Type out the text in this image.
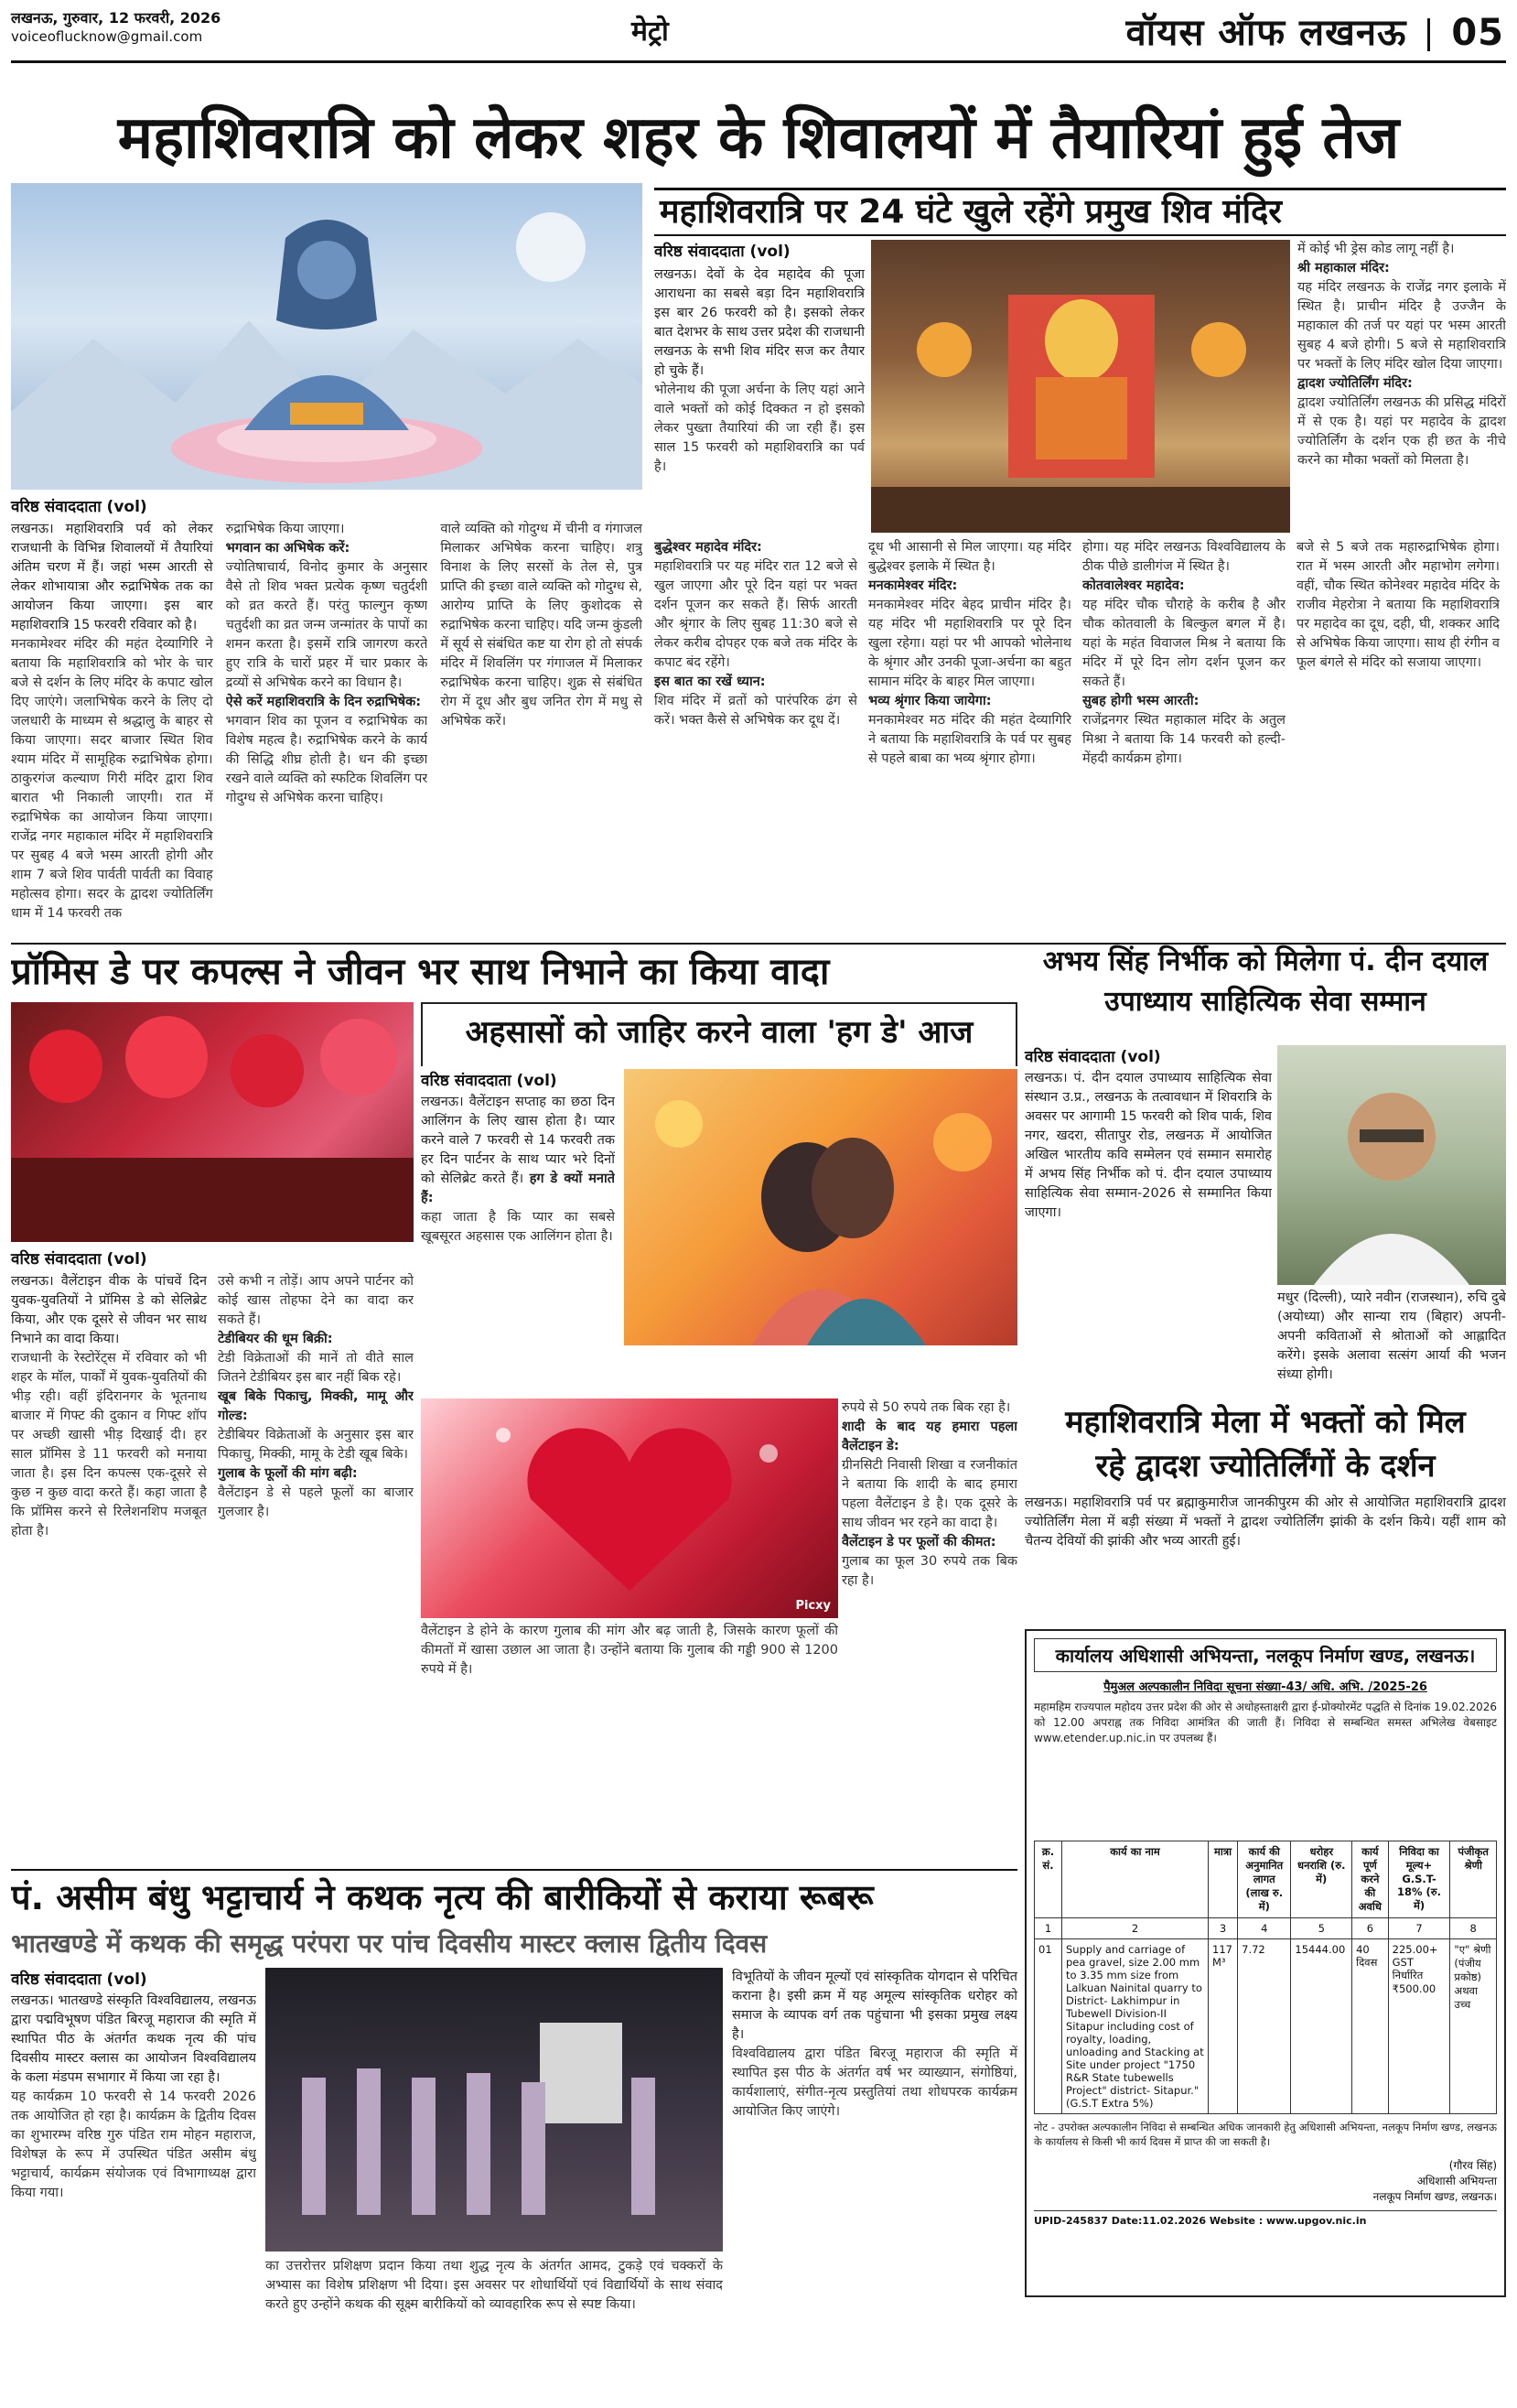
लखनऊ, गुरुवार, 12 फरवरी, 2026
voiceoflucknow@gmail.com	मेट्रो	वॉयस ऑफ लखनऊ 05
महाशिवरात्रि को लेकर शहर के शिवालयों में तैयारियां हुई तेज
वरिष्ठ संवाददाता (vol)
लखनऊ। महाशिवरात्रि पर्व को लेकर राजधानी के विभिन्न शिवालयों में तैयारियां अंतिम चरण में हैं। जहां भस्म आरती से लेकर शोभायात्रा और रुद्राभिषेक तक का आयोजन किया जाएगा। इस बार महाशिवरात्रि 15 फरवरी रविवार को है।
मनकामेश्वर मंदिर की महंत देव्यागिरि ने बताया कि महाशिवरात्रि को भोर के चार बजे से दर्शन के लिए मंदिर के कपाट खोल दिए जाएंगे। जलाभिषेक करने के लिए दो जलधारी के माध्यम से श्रद्धालु के बाहर से किया जाएगा। सदर बाजार स्थित शिव श्याम मंदिर में सामूहिक रुद्राभिषेक होगा। ठाकुरगंज कल्याण गिरी मंदिर द्वारा शिव बारात भी निकाली जाएगी। रात में रुद्राभिषेक का आयोजन किया जाएगा। राजेंद्र नगर महाकाल मंदिर में महाशिवरात्रि पर सुबह 4 बजे भस्म आरती होगी और शाम 7 बजे शिव पार्वती पार्वती का विवाह महोत्सव होगा। सदर के द्वादश ज्योतिर्लिंग धाम में 14 फरवरी तक
रुद्राभिषेक किया जाएगा।
भगवान का अभिषेक करें:
ज्योतिषाचार्य, विनोद कुमार के अनुसार वैसे तो शिव भक्त प्रत्येक कृष्ण चतुर्दशी को व्रत करते हैं। परंतु फाल्गुन कृष्ण चतुर्दशी का व्रत जन्म जन्मांतर के पापों का शमन करता है। इसमें रात्रि जागरण करते हुए रात्रि के चारों प्रहर में चार प्रकार के द्रव्यों से अभिषेक करने का विधान है।
ऐसे करें महाशिवरात्रि के दिन रुद्राभिषेक:
भगवान शिव का पूजन व रुद्राभिषेक का विशेष महत्व है। रुद्राभिषेक करने के कार्य की सिद्धि शीघ्र होती है। धन की इच्छा रखने वाले व्यक्ति को स्फटिक शिवलिंग पर गोदुग्ध से अभिषेक करना चाहिए।
वाले व्यक्ति को गोदुग्ध में चीनी व गंगाजल मिलाकर अभिषेक करना चाहिए। शत्रु विनाश के लिए सरसों के तेल से, पुत्र प्राप्ति की इच्छा वाले व्यक्ति को गोदुग्ध से, आरोग्य प्राप्ति के लिए कुशोदक से रुद्राभिषेक करना चाहिए। यदि जन्म कुंडली में सूर्य से संबंधित कष्ट या रोग हो तो संपर्क मंदिर में शिवलिंग पर गंगाजल में मिलाकर रुद्राभिषेक करना चाहिए। शुक्र से संबंधित रोग में दूध और बुध जनित रोग में मधु से अभिषेक करें।
महाशिवरात्रि पर 24 घंटे खुले रहेंगे प्रमुख शिव मंदिर
वरिष्ठ संवाददाता (vol)
लखनऊ। देवों के देव महादेव की पूजा आराधना का सबसे बड़ा दिन महाशिवरात्रि इस बार 26 फरवरी को है। इसको लेकर बात देशभर के साथ उत्तर प्रदेश की राजधानी लखनऊ के सभी शिव मंदिर सज कर तैयार हो चुके हैं।
भोलेनाथ की पूजा अर्चना के लिए यहां आने वाले भक्तों को कोई दिक्कत न हो इसको लेकर पुख्ता तैयारियां की जा रही हैं। इस साल 15 फरवरी को महाशिवरात्रि का पर्व है।
में कोई भी ड्रेस कोड लागू नहीं है।
श्री महाकाल मंदिर:
यह मंदिर लखनऊ के राजेंद्र नगर इलाके में स्थित है। प्राचीन मंदिर है उज्जैन के महाकाल की तर्ज पर यहां पर भस्म आरती सुबह 4 बजे होगी। 5 बजे से महाशिवरात्रि पर भक्तों के लिए मंदिर खोल दिया जाएगा।
द्वादश ज्योतिर्लिंग मंदिर:
द्वादश ज्योतिर्लिंग लखनऊ की प्रसिद्ध मंदिरों में से एक है। यहां पर महादेव के द्वादश ज्योतिर्लिंग के दर्शन एक ही छत के नीचे करने का मौका भक्तों को मिलता है।
बुद्धेश्वर महादेव मंदिर:
महाशिवरात्रि पर यह मंदिर रात 12 बजे से खुल जाएगा और पूरे दिन यहां पर भक्त दर्शन पूजन कर सकते हैं। सिर्फ आरती और श्रृंगार के लिए सुबह 11:30 बजे से लेकर करीब दोपहर एक बजे तक मंदिर के कपाट बंद रहेंगे।
इस बात का रखें ध्यान:
शिव मंदिर में व्रतों को पारंपरिक ढंग से करें। भक्त कैसे से अभिषेक कर दूध दें।
दूध भी आसानी से मिल जाएगा। यह मंदिर बुद्धेश्वर इलाके में स्थित है।
मनकामेश्वर मंदिर:
मनकामेश्वर मंदिर बेहद प्राचीन मंदिर है। यह मंदिर भी महाशिवरात्रि पर पूरे दिन खुला रहेगा। यहां पर भी आपको भोलेनाथ के श्रृंगार और उनकी पूजा-अर्चना का बहुत सामान मंदिर के बाहर मिल जाएगा।
भव्य श्रृंगार किया जायेगा:
मनकामेश्वर मठ मंदिर की महंत देव्यागिरि ने बताया कि महाशिवरात्रि के पर्व पर सुबह से पहले बाबा का भव्य श्रृंगार होगा।
होगा। यह मंदिर लखनऊ विश्वविद्यालय के ठीक पीछे डालीगंज में स्थित है।
कोतवालेश्वर महादेव:
यह मंदिर चौक चौराहे के करीब है और चौक कोतवाली के बिल्कुल बगल में है। यहां के महंत विवाजल मिश्र ने बताया कि मंदिर में पूरे दिन लोग दर्शन पूजन कर सकते हैं।
सुबह होगी भस्म आरती:
राजेंद्रनगर स्थित महाकाल मंदिर के अतुल मिश्रा ने बताया कि 14 फरवरी को हल्दी-मेंहदी कार्यक्रम होगा।
बजे से 5 बजे तक महारुद्राभिषेक होगा। रात में भस्म आरती और महाभोग लगेगा। वहीं, चौक स्थित कोनेश्वर महादेव मंदिर के राजीव मेहरोत्रा ने बताया कि महाशिवरात्रि पर महादेव का दूध, दही, घी, शक्कर आदि से अभिषेक किया जाएगा। साथ ही रंगीन व फूल बंगले से मंदिर को सजाया जाएगा।
प्रॉमिस डे पर कपल्स ने जीवन भर साथ निभाने का किया वादा
वरिष्ठ संवाददाता (vol)
लखनऊ। वैलेंटाइन वीक के पांचवें दिन युवक-युवतियों ने प्रॉमिस डे को सेलिब्रेट किया, और एक दूसरे से जीवन भर साथ निभाने का वादा किया।
राजधानी के रेस्टोरेंट्स में रविवार को भी शहर के मॉल, पार्कों में युवक-युवतियों की भीड़ रही। वहीं इंदिरानगर के भूतनाथ बाजार में गिफ्ट की दुकान व गिफ्ट शॉप पर अच्छी खासी भीड़ दिखाई दी। हर साल प्रॉमिस डे 11 फरवरी को मनाया जाता है। इस दिन कपल्स एक-दूसरे से कुछ न कुछ वादा करते हैं। कहा जाता है कि प्रॉमिस करने से रिलेशनशिप मजबूत होता है।
उसे कभी न तोड़ें। आप अपने पार्टनर को कोई खास तोहफा देने का वादा कर सकते हैं।
टेडीबियर की धूम बिक्री:
टेडी विक्रेताओं की मानें तो वीते साल जितने टेडीबियर इस बार नहीं बिक रहे।
खूब बिके पिकाचु, मिक्की, मामू और गोल्ड:
टेडीबियर विक्रेताओं के अनुसार इस बार पिकाचु, मिक्की, मामू के टेडी खूब बिके।
गुलाब के फूलों की मांग बढ़ी:
वैलेंटाइन डे से पहले फूलों का बाजार गुलजार है।
अहसासों को जाहिर करने वाला 'हग डे' आज
वरिष्ठ संवाददाता (vol)
लखनऊ। वैलेंटाइन सप्ताह का छठा दिन आलिंगन के लिए खास होता है। प्यार करने वाले 7 फरवरी से 14 फरवरी तक हर दिन पार्टनर के साथ प्यार भरे दिनों को सेलिब्रेट करते हैं। हग डे क्यों मनाते हैं:
कहा जाता है कि प्यार का सबसे खूबसूरत अहसास एक आलिंगन होता है।
Picxy
रुपये से 50 रुपये तक बिक रहा है।
शादी के बाद यह हमारा पहला वैलेंटाइन डे:
ग्रीनसिटी निवासी शिखा व रजनीकांत ने बताया कि शादी के बाद हमारा पहला वैलेंटाइन डे है। एक दूसरे के साथ जीवन भर रहने का वादा है।
वैलेंटाइन डे पर फूलों की कीमत:
गुलाब का फूल 30 रुपये तक बिक रहा है।
वैलेंटाइन डे होने के कारण गुलाब की मांग और बढ़ जाती है, जिसके कारण फूलों की कीमतों में खासा उछाल आ जाता है। उन्होंने बताया कि गुलाब की गड्डी 900 से 1200 रुपये में है।
अभय सिंह निर्भीक को मिलेगा पं. दीन दयाल
उपाध्याय साहित्यिक सेवा सम्मान
वरिष्ठ संवाददाता (vol)
लखनऊ। पं. दीन दयाल उपाध्याय साहित्यिक सेवा संस्थान उ.प्र., लखनऊ के तत्वावधान में शिवरात्रि के अवसर पर आगामी 15 फरवरी को शिव पार्क, शिव नगर, खदरा, सीतापुर रोड, लखनऊ में आयोजित अखिल भारतीय कवि सम्मेलन एवं सम्मान समारोह में अभय सिंह निर्भीक को पं. दीन दयाल उपाध्याय साहित्यिक सेवा सम्मान-2026 से सम्मानित किया जाएगा।
मधुर (दिल्ली), प्यारे नवीन (राजस्थान), रुचि दुबे (अयोध्या) और सान्या राय (बिहार) अपनी-अपनी कविताओं से श्रोताओं को आह्लादित करेंगे। इसके अलावा सत्संग आर्या की भजन संध्या होगी।
महाशिवरात्रि मेला में भक्तों को मिल
रहे द्वादश ज्योतिर्लिंगों के दर्शन
लखनऊ। महाशिवरात्रि पर्व पर ब्रह्माकुमारीज जानकीपुरम की ओर से आयोजित महाशिवरात्रि द्वादश ज्योतिर्लिंग मेला में बड़ी संख्या में भक्तों ने द्वादश ज्योतिर्लिंग झांकी के दर्शन किये। यहीं शाम को चैतन्य देवियों की झांकी और भव्य आरती हुई।
कार्यालय अधिशासी अभियन्ता, नलकूप निर्माण खण्ड, लखनऊ।
पैमुअल अल्पकालीन निविदा सूचना संख्या-43/ अधि. अभि. /2025-26
महामहिम राज्यपाल महोदय उत्तर प्रदेश की ओर से अधोहस्ताक्षरी द्वारा ई-प्रोक्योरमेंट पद्धति से दिनांक 19.02.2026 को 12.00 अपराह्न तक निविदा आमंत्रित की जाती हैं। निविदा से सम्बन्धित समस्त अभिलेख वेबसाइट www.etender.up.nic.in पर उपलब्ध हैं।
क्र. सं.	कार्य का नाम	मात्रा	कार्य की अनुमानित लागत (लाख रु. में)	धरोहर धनराशि (रु. में)	कार्य पूर्ण करने की अवधि	निविदा का मूल्य+ G.S.T- 18% (रु. में)	पंजीकृत श्रेणी
1	2	3	4	5	6	7	8
01	Supply and carriage of pea gravel, size 2.00 mm to 3.35 mm size from Lalkuan Nainital quarry to District- Lakhimpur in Tubewell Division-II Sitapur including cost of royalty, loading, unloading and Stacking at Site under project "1750 R&R State tubewells Project" district- Sitapur." (G.S.T Extra 5%)	117 M³	7.72	15444.00	40 दिवस	225.00+ GST निर्धारित ₹500.00	"ए" श्रेणी (पंजीय प्रकोष्ठ) अथवा उच्च
नोट - उपरोक्त अल्पकालीन निविदा से सम्बन्धित अधिक जानकारी हेतु अधिशासी अभियन्ता, नलकूप निर्माण खण्ड, लखनऊ के कार्यालय से किसी भी कार्य दिवस में प्राप्त की जा सकती है।
(गौरव सिंह)
अधिशासी अभियन्ता
नलकूप निर्माण खण्ड, लखनऊ।
UPID-245837 Date:11.02.2026 Website : www.upgov.nic.in
पं. असीम बंधु भट्टाचार्य ने कथक नृत्य की बारीकियों से कराया रूबरू
भातखण्डे में कथक की समृद्ध परंपरा पर पांच दिवसीय मास्टर क्लास द्वितीय दिवस
वरिष्ठ संवाददाता (vol)
लखनऊ। भातखण्डे संस्कृति विश्वविद्यालय, लखनऊ द्वारा पद्मविभूषण पंडित बिरजू महाराज की स्मृति में स्थापित पीठ के अंतर्गत कथक नृत्य की पांच दिवसीय मास्टर क्लास का आयोजन विश्वविद्यालय के कला मंडपम सभागार में किया जा रहा है।
यह कार्यक्रम 10 फरवरी से 14 फरवरी 2026 तक आयोजित हो रहा है। कार्यक्रम के द्वितीय दिवस का शुभारम्भ वरिष्ठ गुरु पंडित राम मोहन महाराज, विशेषज्ञ के रूप में उपस्थित पंडित असीम बंधु भट्टाचार्य, कार्यक्रम संयोजक एवं विभागाध्यक्ष द्वारा किया गया।
का उत्तरोत्तर प्रशिक्षण प्रदान किया तथा शुद्ध नृत्य के अंतर्गत आमद, टुकड़े एवं चक्करों के अभ्यास का विशेष प्रशिक्षण भी दिया। इस अवसर पर शोधार्थियों एवं विद्यार्थियों के साथ संवाद करते हुए उन्होंने कथक की सूक्ष्म बारीकियों को व्यावहारिक रूप से स्पष्ट किया।
विभूतियों के जीवन मूल्यों एवं सांस्कृतिक योगदान से परिचित कराना है। इसी क्रम में यह अमूल्य सांस्कृतिक धरोहर को समाज के व्यापक वर्ग तक पहुंचाना भी इसका प्रमुख लक्ष्य है।
विश्वविद्यालय द्वारा पंडित बिरजू महाराज की स्मृति में स्थापित इस पीठ के अंतर्गत वर्ष भर व्याख्यान, संगोष्ठियां, कार्यशालाएं, संगीत-नृत्य प्रस्तुतियां तथा शोधपरक कार्यक्रम आयोजित किए जाएंगे।
